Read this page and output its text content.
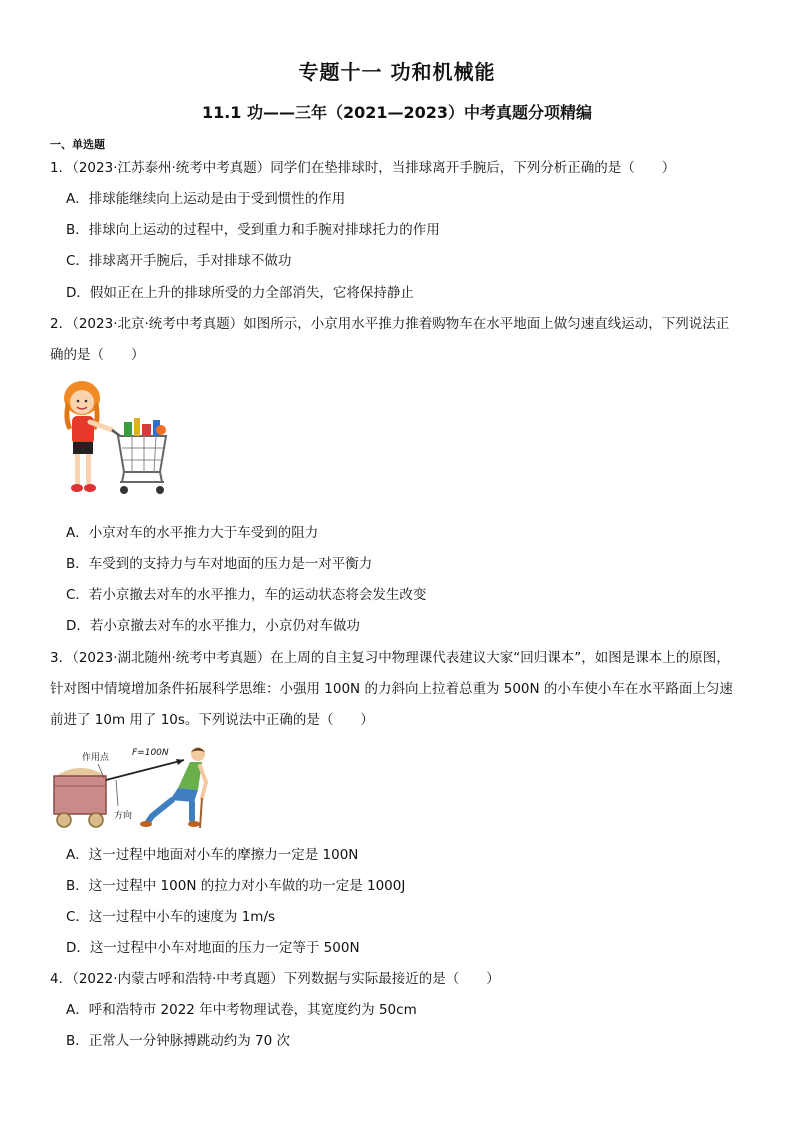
专题十一 功和机械能
11.1 功——三年（2021—2023）中考真题分项精编
一、单选题
1．（2023·江苏泰州·统考中考真题）同学们在垫排球时，当排球离开手腕后，下列分析正确的是（　　）
A．排球能继续向上运动是由于受到惯性的作用
B．排球向上运动的过程中，受到重力和手腕对排球托力的作用
C．排球离开手腕后，手对排球不做功
D．假如正在上升的排球所受的力全部消失，它将保持静止
2．（2023·北京·统考中考真题）如图所示，小京用水平推力推着购物车在水平地面上做匀速直线运动，下列说法正
确的是（　　）
A．小京对车的水平推力大于车受到的阻力
B．车受到的支持力与车对地面的压力是一对平衡力
C．若小京撤去对车的水平推力，车的运动状态将会发生改变
D．若小京撤去对车的水平推力，小京仍对车做功
3．（2023·湖北随州·统考中考真题）在上周的自主复习中物理课代表建议大家“回归课本”，如图是课本上的原图，
针对图中情境增加条件拓展科学思维：小强用 100N 的力斜向上拉着总重为 500N 的小车使小车在水平路面上匀速
前进了 10m 用了 10s。下列说法中正确的是（　　）
作用点	F=100N
方向
A．这一过程中地面对小车的摩擦力一定是 100N
B．这一过程中 100N 的拉力对小车做的功一定是 1000J
C．这一过程中小车的速度为 1m/s
D．这一过程中小车对地面的压力一定等于 500N
4．（2022·内蒙古呼和浩特·中考真题）下列数据与实际最接近的是（　　）
A．呼和浩特市 2022 年中考物理试卷，其宽度约为 50cm
B．正常人一分钟脉搏跳动约为 70 次
